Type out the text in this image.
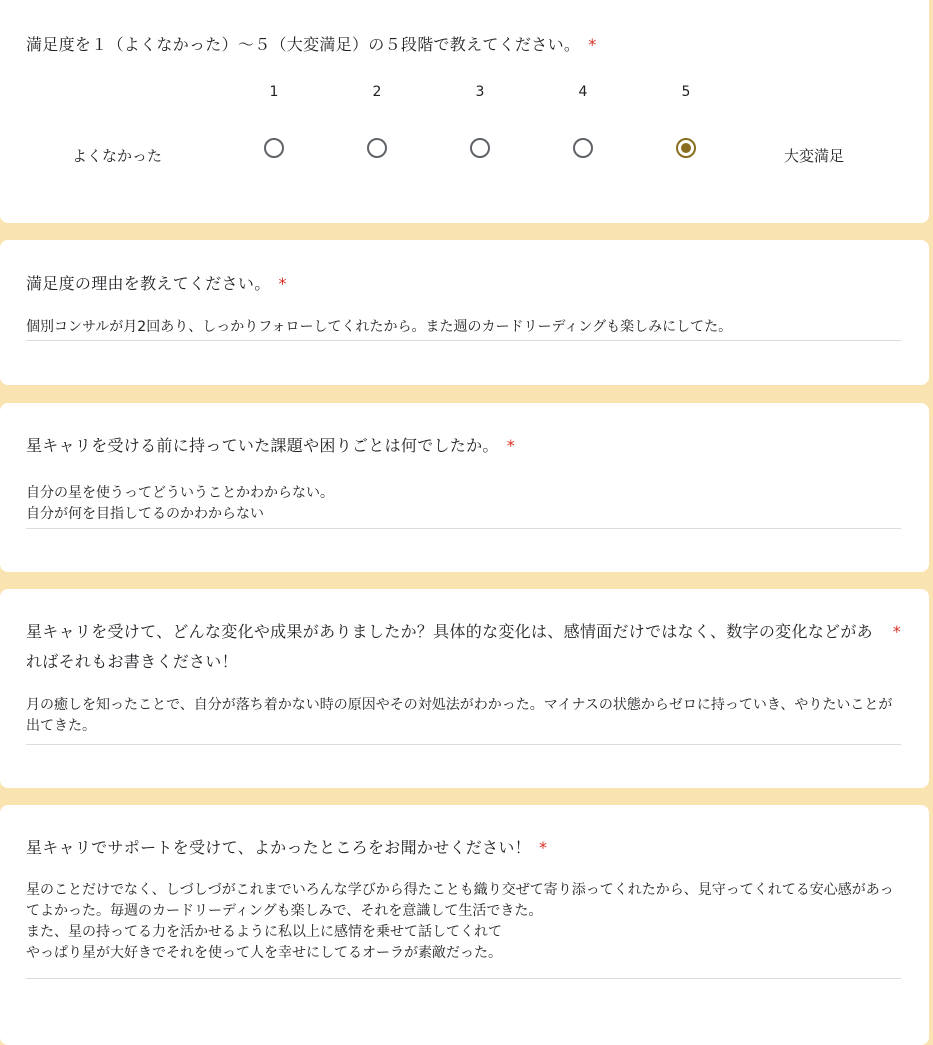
満足度を１（よくなかった）〜５（大変満足）の５段階で教えてください。 *
1	2	3	4	5
よくなかった	大変満足
満足度の理由を教えてください。 *
個別コンサルが月2回あり、しっかりフォローしてくれたから。また週のカードリーディングも楽しみにしてた。
星キャリを受ける前に持っていた課題や困りごとは何でしたか。 *
自分の星を使うってどういうことかわからない。
自分が何を目指してるのかわからない
星キャリを受けて、どんな変化や成果がありましたか？具体的な変化は、感情面だけではなく、数字の変化などがあればそれもお書きください！
*
月の癒しを知ったことで、自分が落ち着かない時の原因やその対処法がわかった。マイナスの状態からゼロに持っていき、やりたいことが出てきた。
星キャリでサポートを受けて、よかったところをお聞かせください！ *
星のことだけでなく、しづしづがこれまでいろんな学びから得たことも織り交ぜて寄り添ってくれたから、見守ってくれてる安心感があってよかった。毎週のカードリーディングも楽しみで、それを意識して生活できた。
また、星の持ってる力を活かせるように私以上に感情を乗せて話してくれて
やっぱり星が大好きでそれを使って人を幸せにしてるオーラが素敵だった。
